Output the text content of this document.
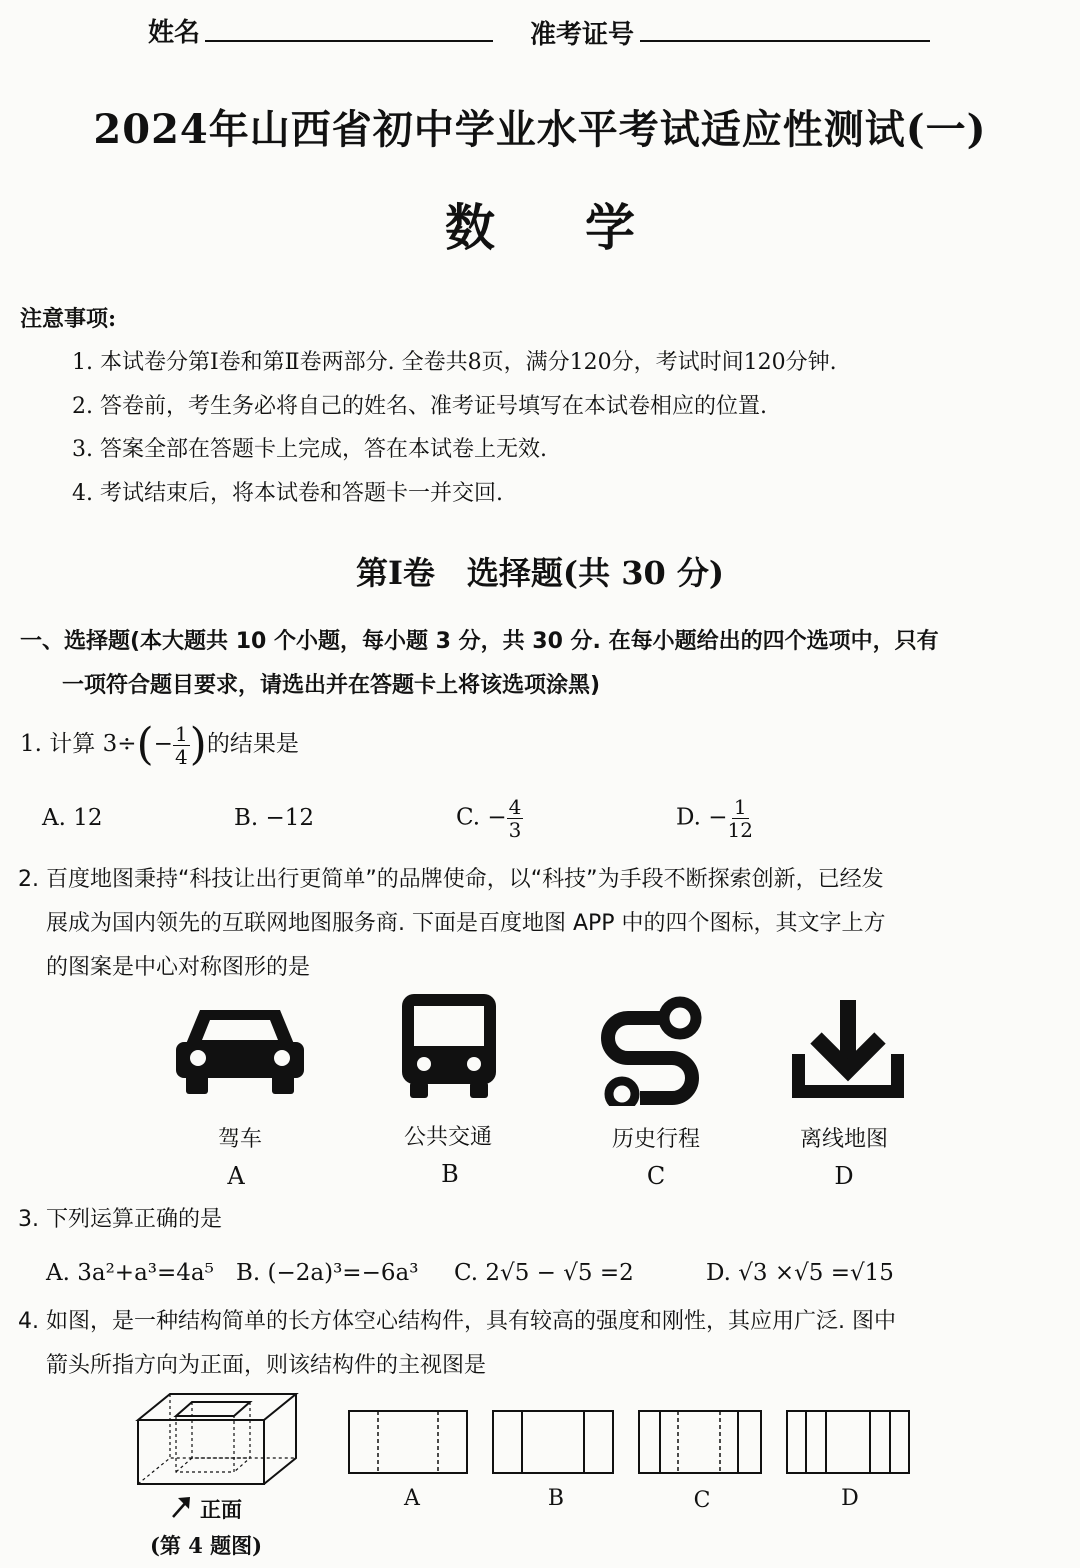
姓名	准考证号
2024年山西省初中学业水平考试适应性测试(一)
数学
注意事项:
1. 本试卷分第Ⅰ卷和第Ⅱ卷两部分. 全卷共8页，满分120分，考试时间120分钟.
2. 答卷前，考生务必将自己的姓名、准考证号填写在本试卷相应的位置.
3. 答案全部在答题卡上完成，答在本试卷上无效.
4. 考试结束后，将本试卷和答题卡一并交回.
第Ⅰ卷　选择题(共 30 分)
一、选择题(本大题共 10 个小题，每小题 3 分，共 30 分. 在每小题给出的四个选项中，只有
一项符合题目要求，请选出并在答题卡上将该选项涂黑)
1. 计算 $3\div(- \frac{1}{4}$ )的结果是
A. 12	B. −12	C. − $\frac{4}{3}$	D. − $\frac{1}{12}$
2. 百度地图秉持“科技让出行更简单”的品牌使命，以“科技”为手段不断探索创新，已经发
展成为国内领先的互联网地图服务商. 下面是百度地图 APP 中的四个图标，其文字上方
的图案是中心对称图形的是
驾车	公共交通	历史行程	离线地图
A	B	C	D
3. 下列运算正确的是
A. 3a²+a³=4a⁵ B. (−2a)³=−6a³ C. 2√5 − √5 =2	D. √3 ×√5 =√15
4. 如图，是一种结构简单的长方体空心结构件，具有较高的强度和刚性，其应用广泛. 图中
箭头所指方向为正面，则该结构件的主视图是
正面
(第 4 题图)
A	B	C	D
